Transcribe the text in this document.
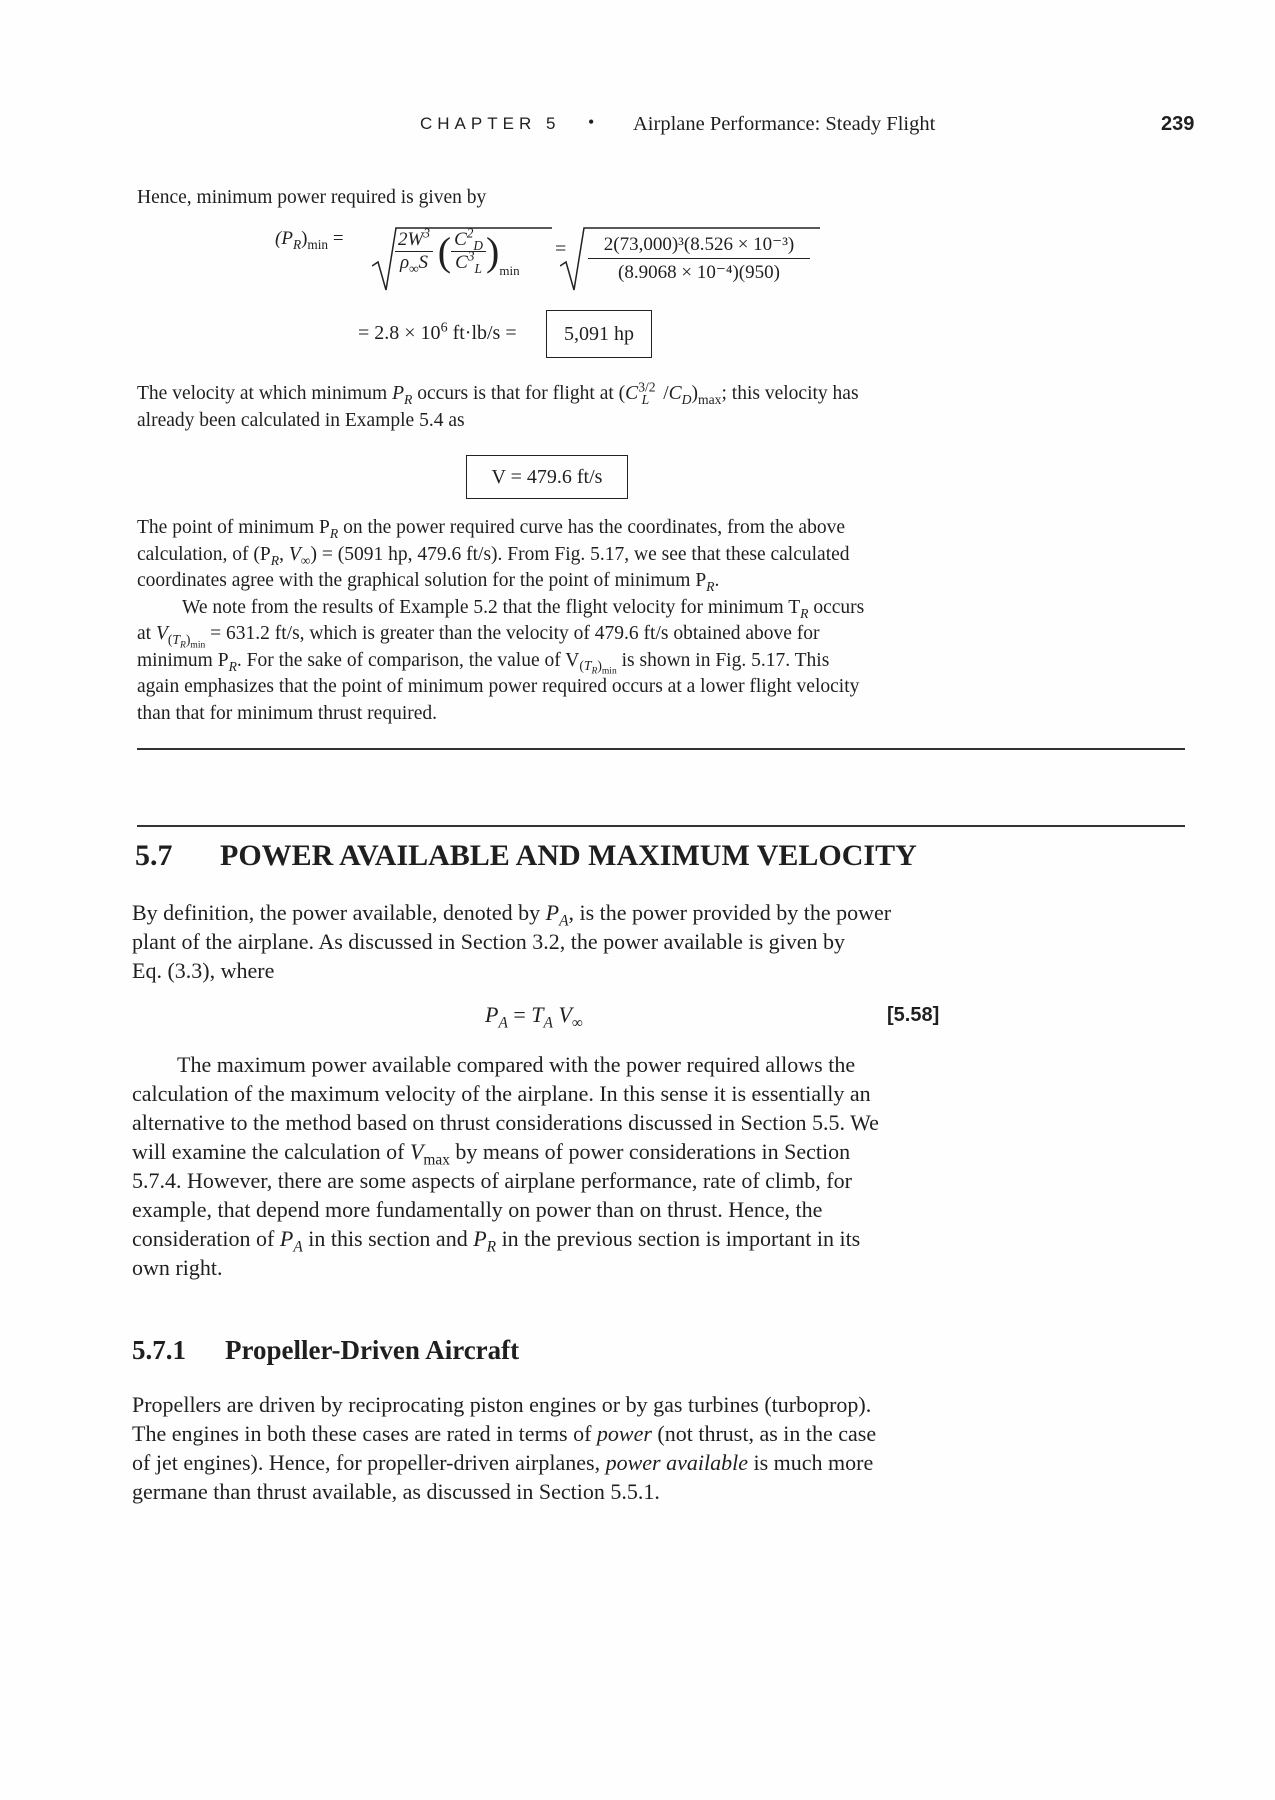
CHAPTER 5 • Airplane Performance: Steady Flight	239
Hence, minimum power required is given by
$(P_R)_{min}$ =	$\frac{2W^3}{\rho_\infty S}$ ( $\frac{C^2_D}{C^3_L} )_{min}$
= $\frac{\text{2(73,000)³(8.526 × 10⁻³)}}{\text{(8.9068 × 10⁻⁴)(950)}}$
= $2.8 \times 10^6$ ft·lb/s =	5,091 hp
The velocity at which minimum $P_R$ occurs is that for flight at ($C^{3/2}_L$ $/C_D)_{max}$; this velocity has
already been calculated in Example 5.4 as
V = 479.6 ft/s
The point of minimum $P_R$ on the power required curve has the coordinates, from the above
calculation, of ($P_R$, $V_\infty) = (5091$ hp, 479.6 ft/s). From Fig. 5.17, we see that these calculated
coordinates agree with the graphical solution for the point of minimum $P_R$.
We note from the results of Example 5.2 that the flight velocity for minimum $T_R$ occurs
at $V_{(T_R)_{min}} = 631.2$ ft/s, which is greater than the velocity of 479.6 ft/s obtained above for
minimum $P_R$. For the sake of comparison, the value of $V_{(T_R)_{min}}$ is shown in Fig. 5.17. This
again emphasizes that the point of minimum power required occurs at a lower flight velocity
than that for minimum thrust required.
5.7 POWER AVAILABLE AND MAXIMUM VELOCITY
By definition, the power available, denoted by $P_A$, is the power provided by the power
plant of the airplane. As discussed in Section 3.2, the power available is given by
Eq. (3.3), where
$P_A = T_A$ $V_\infty$	[5.58]
The maximum power available compared with the power required allows the
calculation of the maximum velocity of the airplane. In this sense it is essentially an
alternative to the method based on thrust considerations discussed in Section 5.5. We
will examine the calculation of $V_{max}$ by means of power considerations in Section
5.7.4. However, there are some aspects of airplane performance, rate of climb, for
example, that depend more fundamentally on power than on thrust. Hence, the
consideration of $P_A$ in this section and $P_R$ in the previous section is important in its
own right.
5.7.1 Propeller-Driven Aircraft
Propellers are driven by reciprocating piston engines or by gas turbines (turboprop).
The engines in both these cases are rated in terms of power (not thrust, as in the case
of jet engines). Hence, for propeller-driven airplanes, power available is much more
germane than thrust available, as discussed in Section 5.5.1.
